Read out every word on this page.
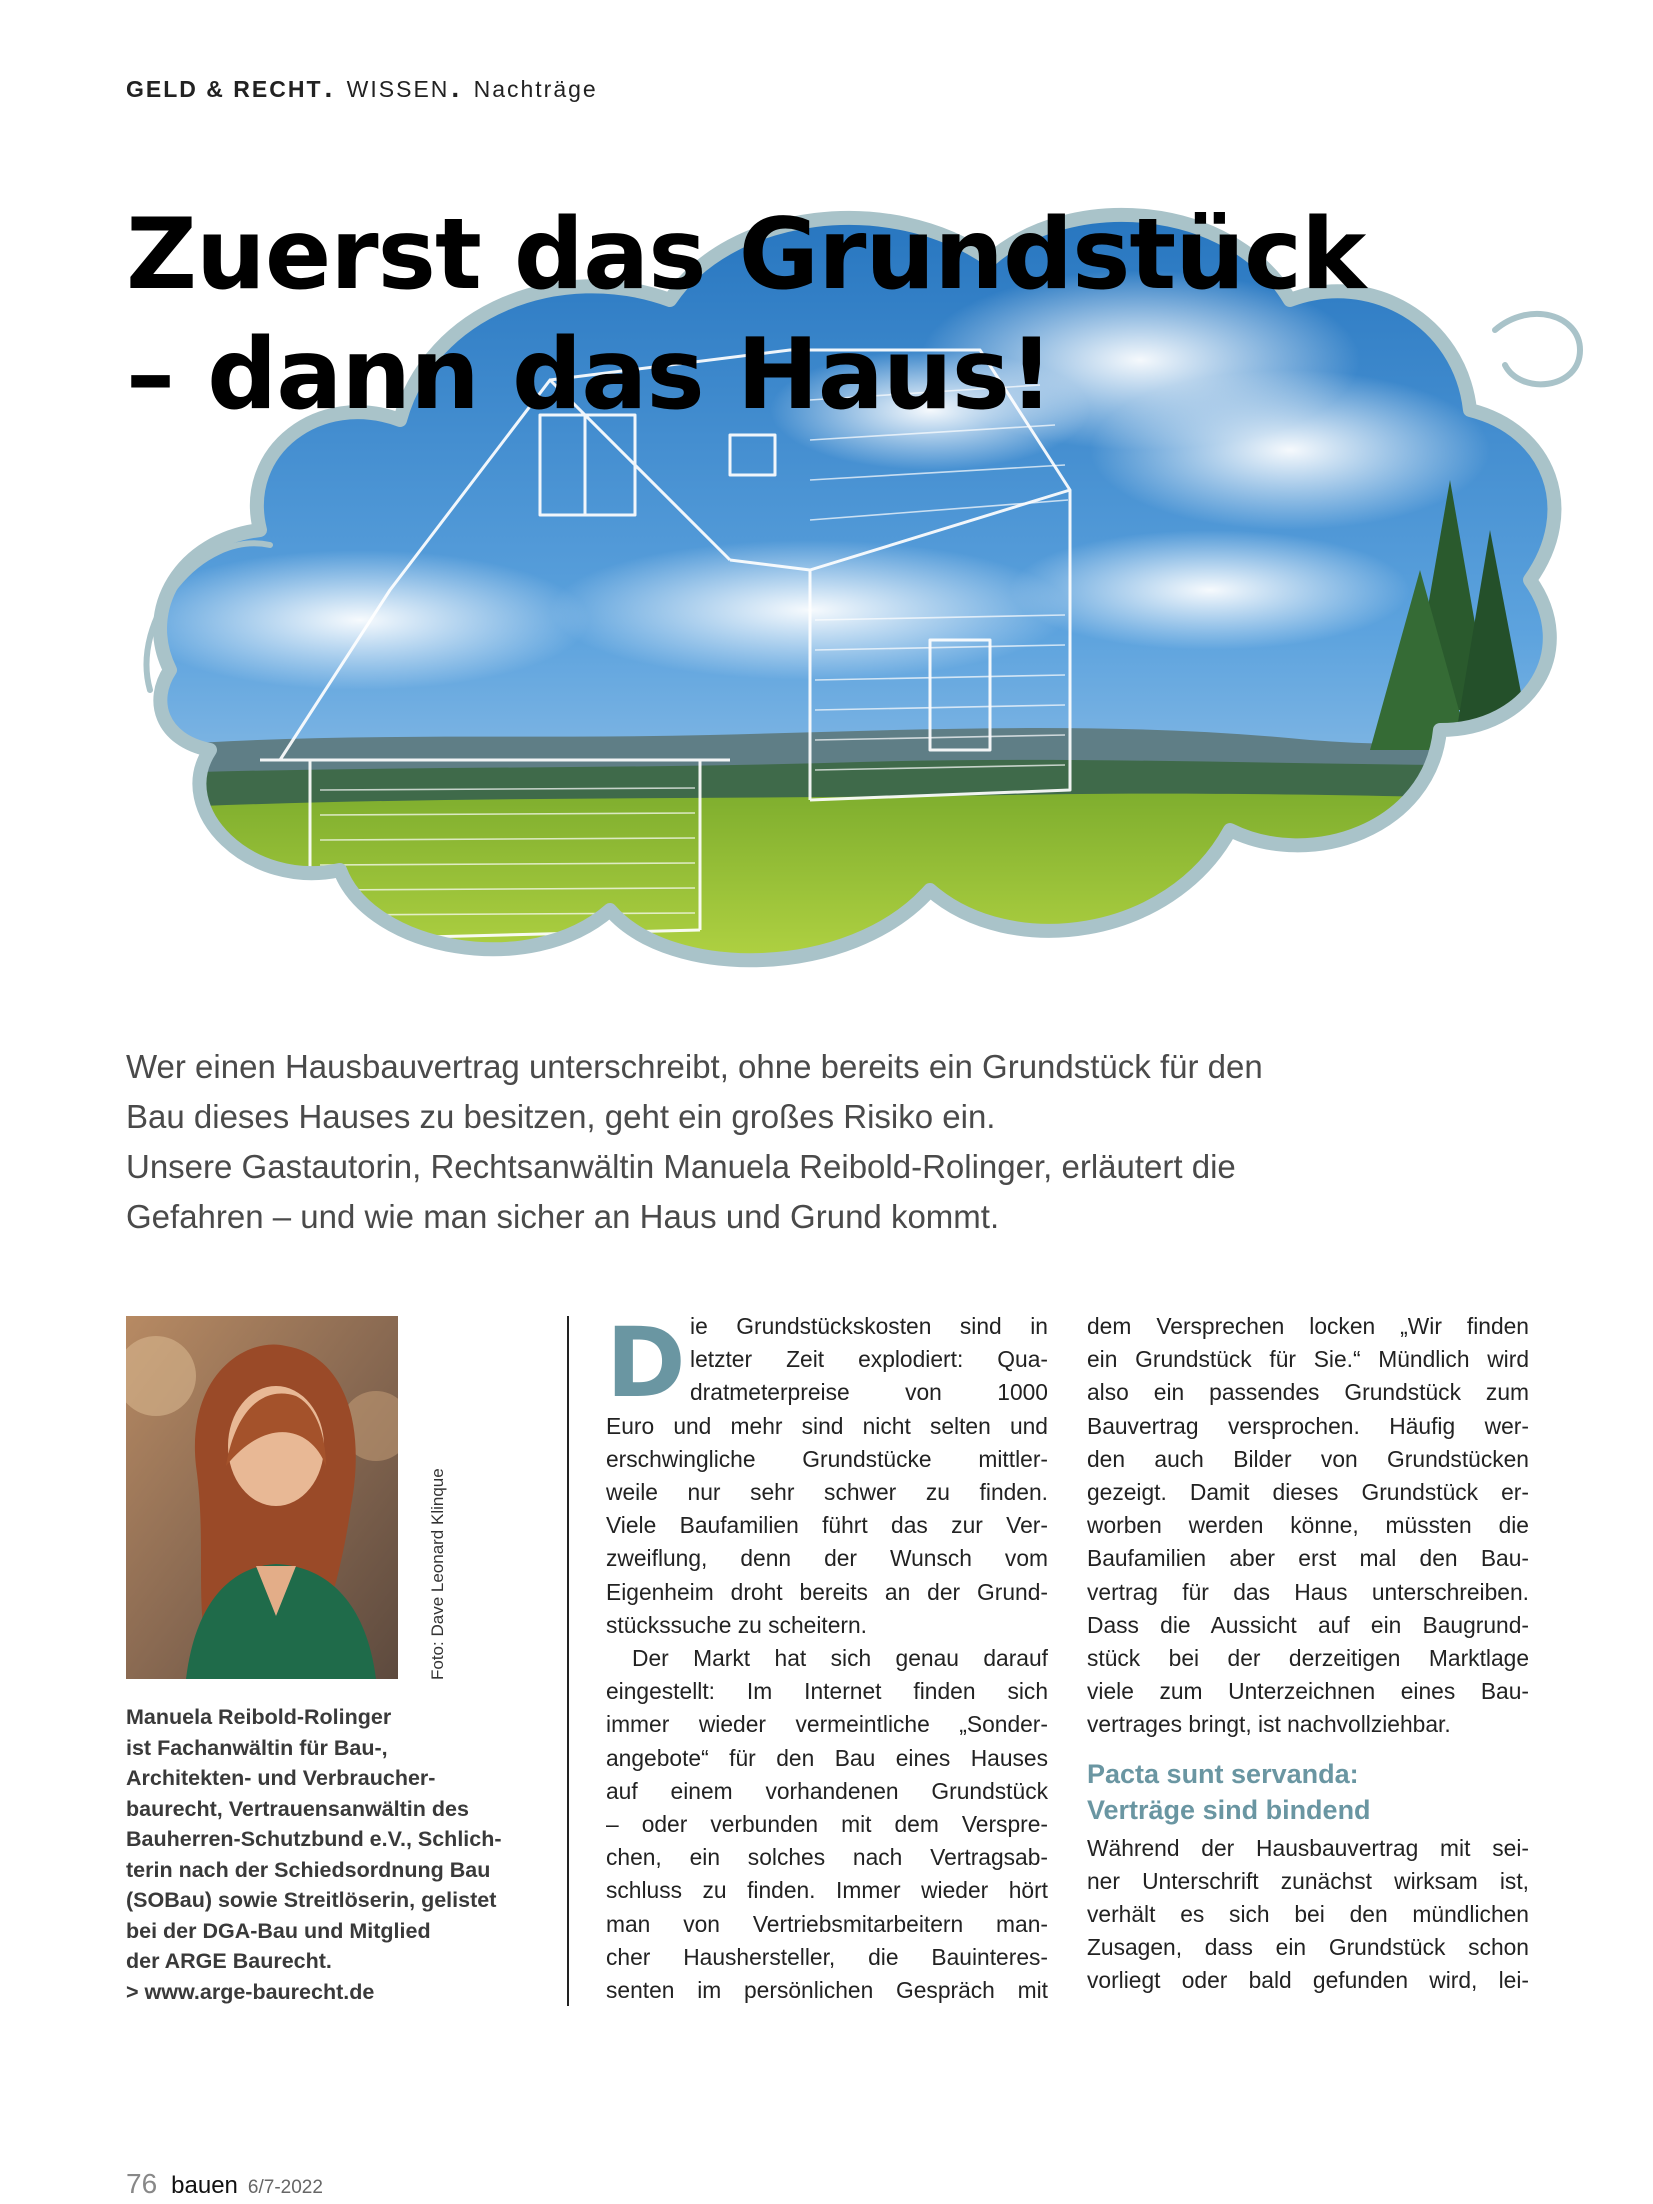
GELD & RECHT. WISSEN. Nachträge
Zuerst das Grundstück
– dann das Haus!

Wer einen Hausbauvertrag unterschreibt, ohne bereits ein Grundstück für den
Bau dieses Hauses zu besitzen, geht ein großes Risiko ein.
Unsere Gastautorin, Rechtsanwältin Manuela Reibold-Rolinger, erläutert die
Gefahren – und wie man sicher an Haus und Grund kommt.

Foto: Dave Leonard Klinque
Manuela Reibold-Rolinger
ist Fachanwältin für Bau-,
Architekten- und Verbraucher-
baurecht, Vertrauensanwältin des
Bauherren-Schutzbund e.V., Schlich-
terin nach der Schiedsordnung Bau
(SOBau) sowie Streitlöserin, gelistet
bei der DGA-Bau und Mitglied
der ARGE Baurecht.
> www.arge-baurecht.de
D ie Grundstückskosten sind in
letzter Zeit explodiert: Qua-
dratmeterpreise von 1000
Euro und mehr sind nicht selten und
erschwingliche Grundstücke mittler-
weile nur sehr schwer zu finden.
Viele Baufamilien führt das zur Ver-
zweiflung, denn der Wunsch vom
Eigenheim droht bereits an der Grund-
stückssuche zu scheitern.
Der Markt hat sich genau darauf
eingestellt: Im Internet finden sich
immer wieder vermeintliche „Sonder-
angebote“ für den Bau eines Hauses
auf einem vorhandenen Grundstück
– oder verbunden mit dem Verspre-
chen, ein solches nach Vertragsab-
schluss zu finden. Immer wieder hört
man von Vertriebsmitarbeitern man-
cher Haushersteller, die Bauinteres-
senten im persönlichen Gespräch mit
dem Versprechen locken „Wir finden
ein Grundstück für Sie.“ Mündlich wird
also ein passendes Grundstück zum
Bauvertrag versprochen. Häufig wer-
den auch Bilder von Grundstücken
gezeigt. Damit dieses Grundstück er-
worben werden könne, müssten die
Baufamilien aber erst mal den Bau-
vertrag für das Haus unterschreiben.
Dass die Aussicht auf ein Baugrund-
stück bei der derzeitigen Marktlage
viele zum Unterzeichnen eines Bau-
vertrages bringt, ist nachvollziehbar.
Pacta sunt servanda:
Verträge sind bindend
Während der Hausbauvertrag mit sei-
ner Unterschrift zunächst wirksam ist,
verhält es sich bei den mündlichen
Zusagen, dass ein Grundstück schon
vorliegt oder bald gefunden wird, lei-
76 bauen 6/7-2022
